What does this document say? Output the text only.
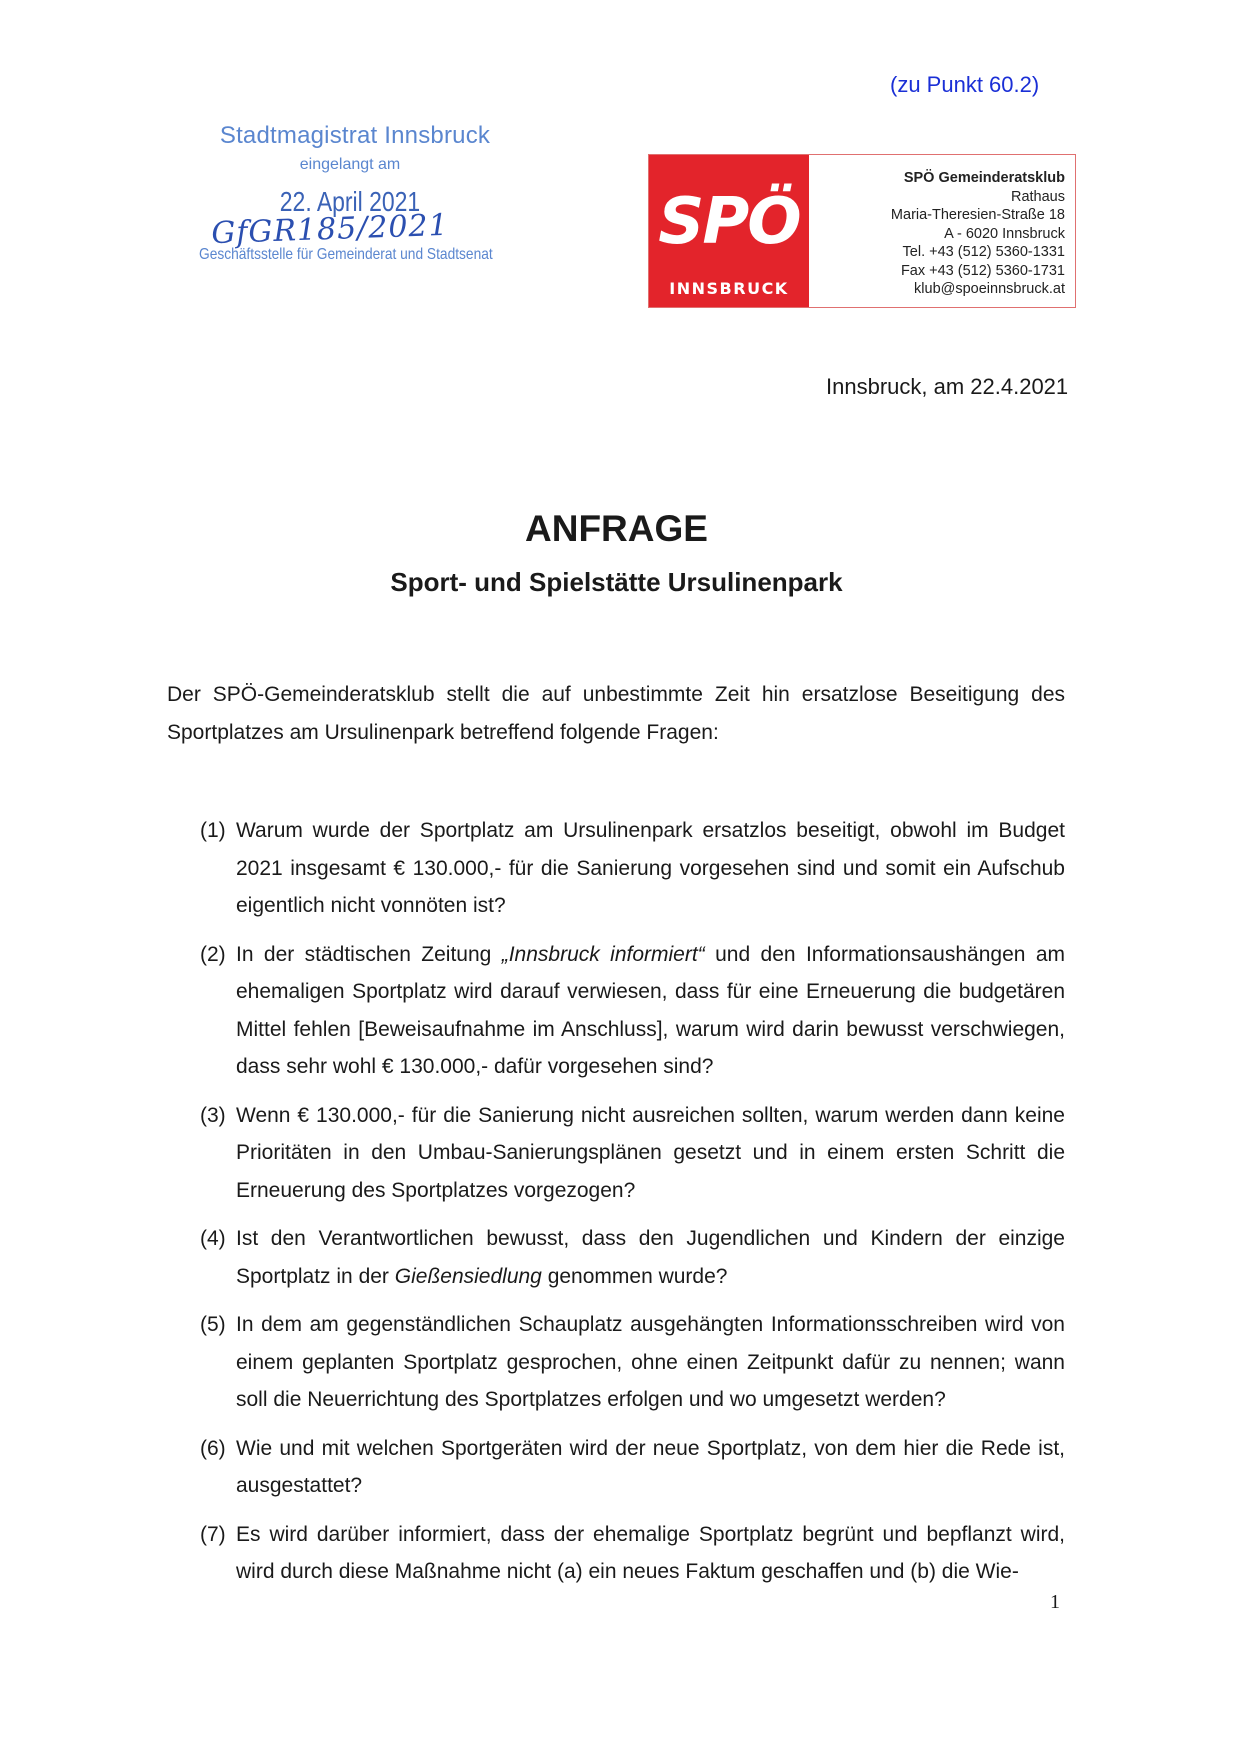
(zu Punkt 60.2)
Stadtmagistrat Innsbruck
eingelangt am
22. April 2021
GfGR185/2021
Geschäftsstelle für Gemeinderat und Stadtsenat	SPÖ
INNSBRUCK
SPÖ Gemeinderatsklub
Rathaus
Maria-Theresien-Straße 18
A - 6020 Innsbruck
Tel. +43 (512) 5360-1331
Fax +43 (512) 5360-1731
klub@spoeinnsbruck.at
Innsbruck, am 22.4.2021
ANFRAGE
Sport- und Spielstätte Ursulinenpark
Der SPÖ-Gemeinderatsklub stellt die auf unbestimmte Zeit hin ersatzlose Beseitigung des Sportplatzes am Ursulinenpark betreffend folgende Fragen:
(1) Warum wurde der Sportplatz am Ursulinenpark ersatzlos beseitigt, obwohl im Budget 2021 insgesamt € 130.000,- für die Sanierung vorgesehen sind und somit ein Aufschub eigentlich nicht vonnöten ist?
(2) In der städtischen Zeitung „Innsbruck informiert“ und den Informationsaushängen am ehemaligen Sportplatz wird darauf verwiesen, dass für eine Erneuerung die budgetären Mittel fehlen [Beweisaufnahme im Anschluss], warum wird darin bewusst verschwiegen, dass sehr wohl € 130.000,- dafür vorgesehen sind?
(3) Wenn € 130.000,- für die Sanierung nicht ausreichen sollten, warum werden dann keine Prioritäten in den Umbau-Sanierungsplänen gesetzt und in einem ersten Schritt die Erneuerung des Sportplatzes vorgezogen?
(4) Ist den Verantwortlichen bewusst, dass den Jugendlichen und Kindern der einzige Sportplatz in der Gießensiedlung genommen wurde?
(5) In dem am gegenständlichen Schauplatz ausgehängten Informationsschreiben wird von einem geplanten Sportplatz gesprochen, ohne einen Zeitpunkt dafür zu nennen; wann soll die Neuerrichtung des Sportplatzes erfolgen und wo umgesetzt werden?
(6) Wie und mit welchen Sportgeräten wird der neue Sportplatz, von dem hier die Rede ist, ausgestattet?
(7) Es wird darüber informiert, dass der ehemalige Sportplatz begrünt und bepflanzt wird, wird durch diese Maßnahme nicht (a) ein neues Faktum geschaffen und (b) die Wie-
1
